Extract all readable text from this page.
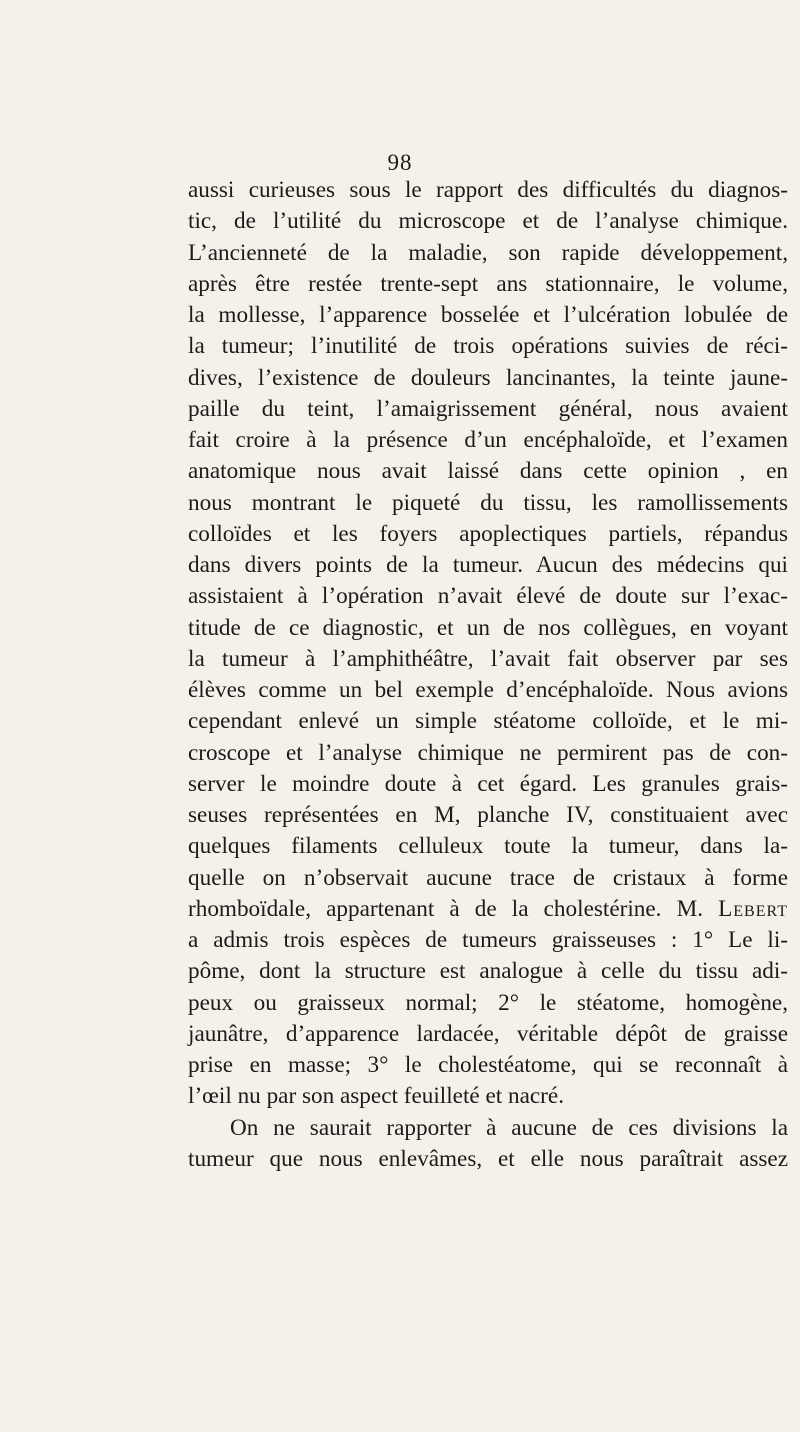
98
aussi curieuses sous le rapport des difficultés du diagnos-
tic, de l’utilité du microscope et de l’analyse chimique.
L’ancienneté de la maladie, son rapide développement,
après être restée trente-sept ans stationnaire, le volume,
la mollesse, l’apparence bosselée et l’ulcération lobulée de
la tumeur; l’inutilité de trois opérations suivies de réci-
dives, l’existence de douleurs lancinantes, la teinte jaune-
paille du teint, l’amaigrissement général, nous avaient
fait croire à la présence d’un encéphaloïde, et l’examen
anatomique nous avait laissé dans cette opinion , en
nous montrant le piqueté du tissu, les ramollissements
colloïdes et les foyers apoplectiques partiels, répandus
dans divers points de la tumeur. Aucun des médecins qui
assistaient à l’opération n’avait élevé de doute sur l’exac-
titude de ce diagnostic, et un de nos collègues, en voyant
la tumeur à l’amphithéâtre, l’avait fait observer par ses
élèves comme un bel exemple d’encéphaloïde. Nous avions
cependant enlevé un simple stéatome colloïde, et le mi-
croscope et l’analyse chimique ne permirent pas de con-
server le moindre doute à cet égard. Les granules grais-
seuses représentées en M, planche IV, constituaient avec
quelques filaments celluleux toute la tumeur, dans la-
quelle on n’observait aucune trace de cristaux à forme
rhomboïdale, appartenant à de la cholestérine. M. Lebert
a admis trois espèces de tumeurs graisseuses : 1° Le li-
pôme, dont la structure est analogue à celle du tissu adi-
peux ou graisseux normal; 2° le stéatome, homogène,
jaunâtre, d’apparence lardacée, véritable dépôt de graisse
prise en masse; 3° le cholestéatome, qui se reconnaît à
l’œil nu par son aspect feuilleté et nacré.
On ne saurait rapporter à aucune de ces divisions la
tumeur que nous enlevâmes, et elle nous paraîtrait assez
